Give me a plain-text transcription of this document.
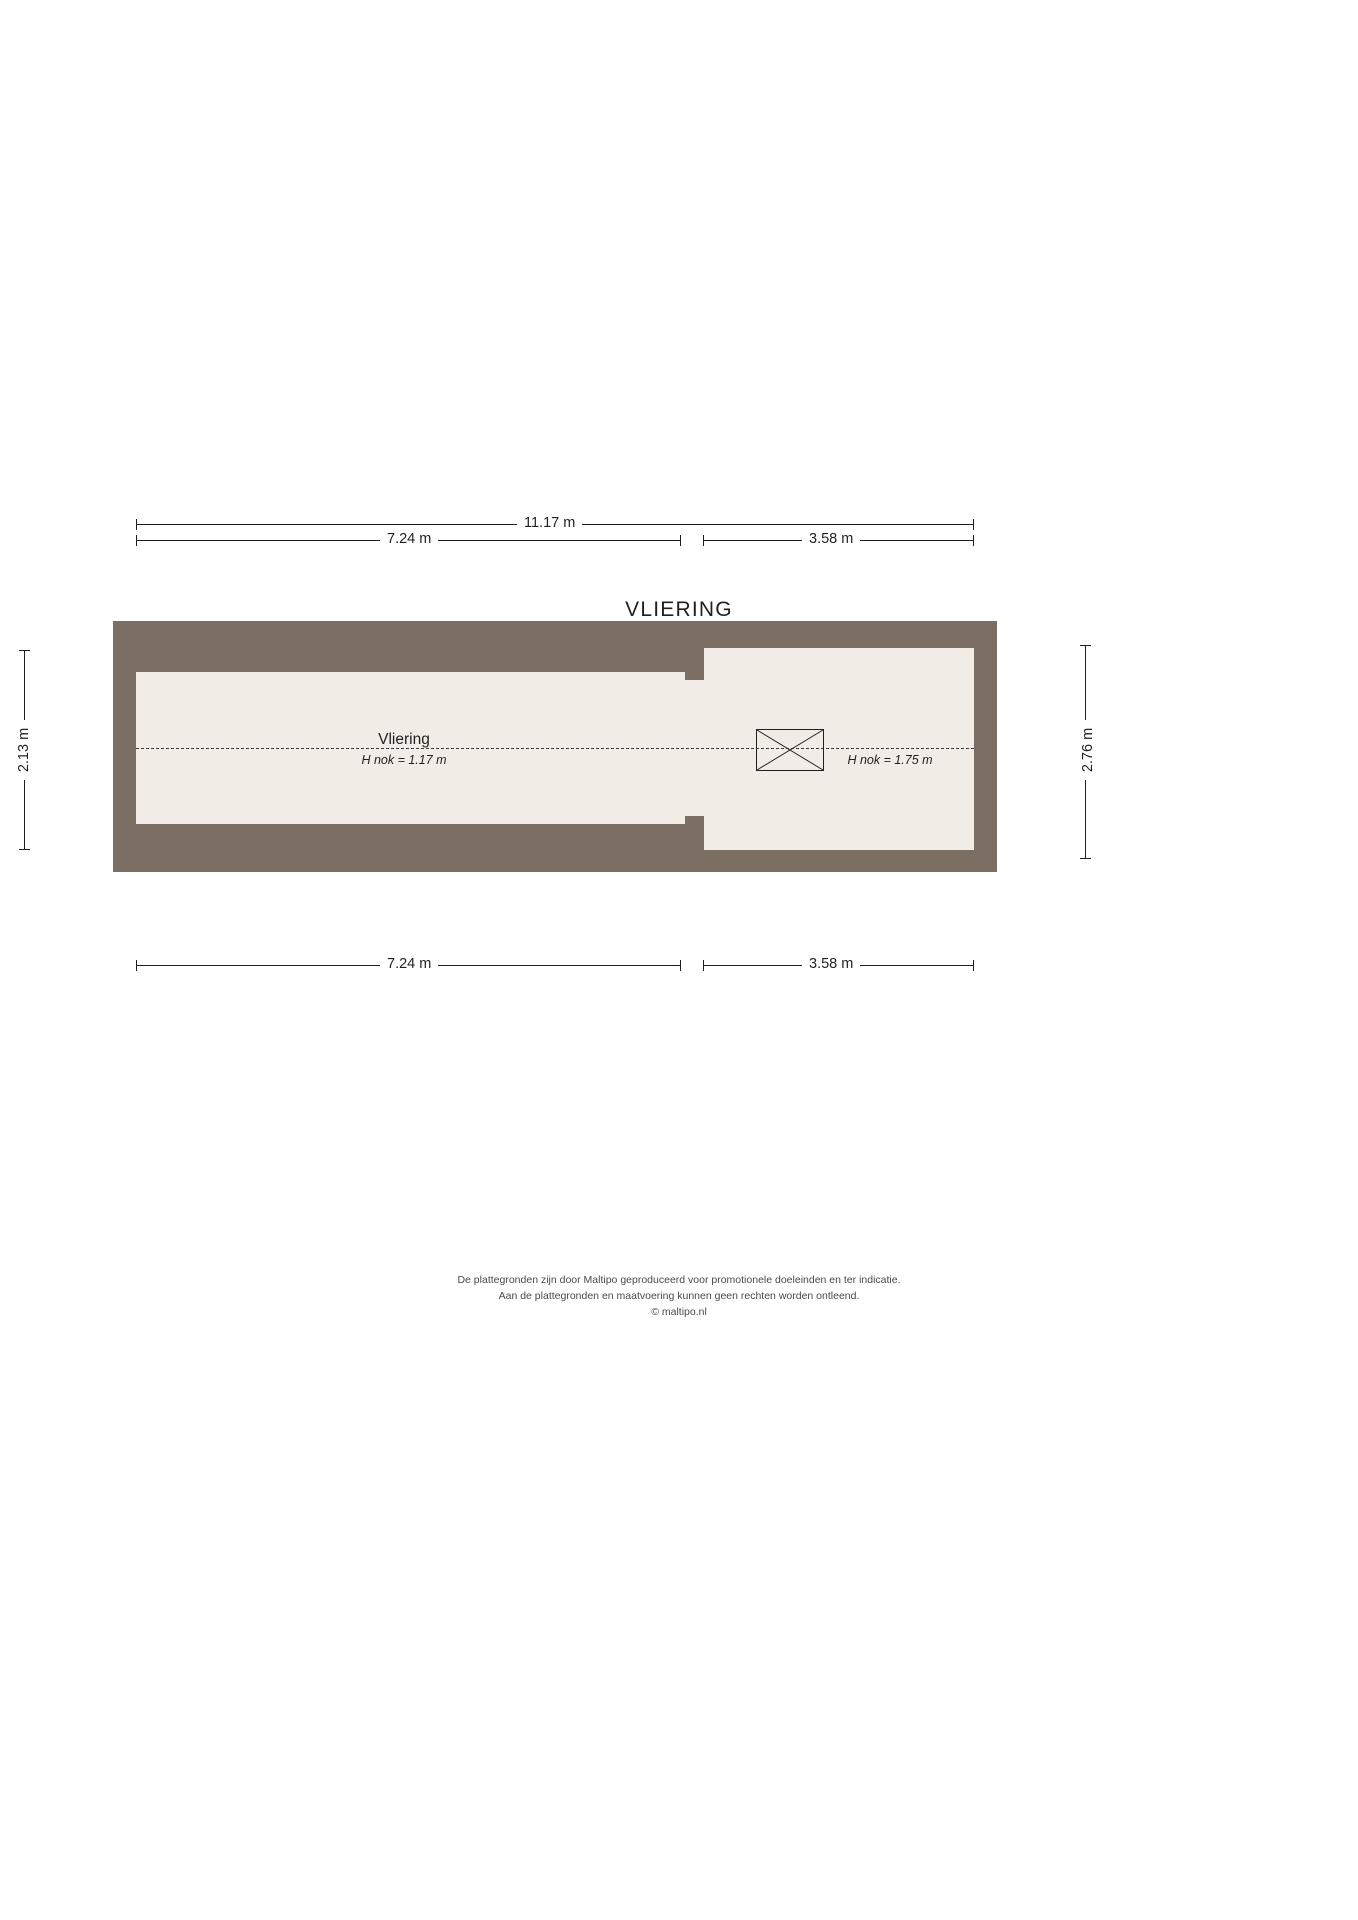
VLIERING
11.17 m
7.24 m	3.58 m
2.13 m	2.76 m
Vliering
H nok = 1.17 m	H nok = 1.75 m
7.24 m	3.58 m
De plattegronden zijn door Maltipo geproduceerd voor promotionele doeleinden en ter indicatie.
Aan de plattegronden en maatvoering kunnen geen rechten worden ontleend.
© maltipo.nl
